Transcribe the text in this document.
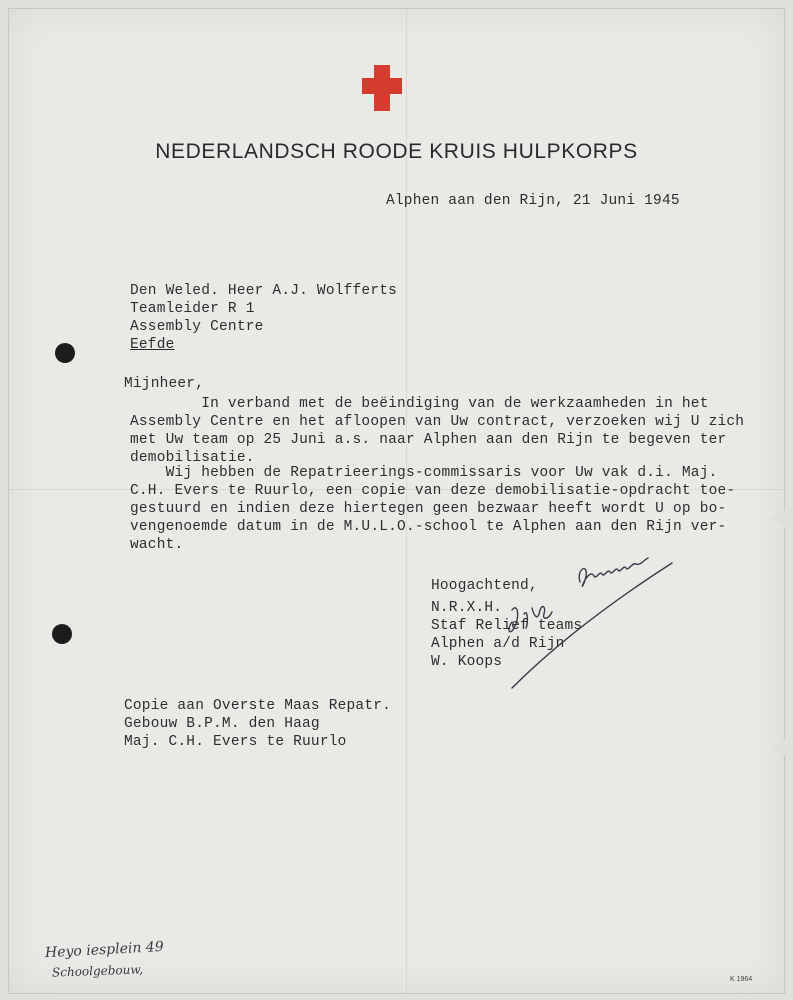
NEDERLANDSCH ROODE KRUIS HULPKORPS
Alphen aan den Rijn, 21 Juni 1945
Den Weled. Heer A.J. Wolfferts
Teamleider R 1
Assembly Centre
Eefde
Mijnheer,
In verband met de beëindiging van de werkzaamheden in het
Assembly Centre en het afloopen van Uw contract, verzoeken wij U zich
met Uw team op 25 Juni a.s. naar Alphen aan den Rijn te begeven ter
demobilisatie.
Wij hebben de Repatrieerings-commissaris voor Uw vak d.i. Maj.
C.H. Evers te Ruurlo, een copie van deze demobilisatie-opdracht toe-
gestuurd en indien deze hiertegen geen bezwaar heeft wordt U op bo-
vengenoemde datum in de M.U.L.O.-school te Alphen aan den Rijn ver-
wacht.
Hoogachtend,
N.R.X.H.
Staf Relief teams
Alphen a/d Rijn
W. Koops
Copie aan Overste Maas Repatr.
Gebouw B.P.M. den Haag
Maj. C.H. Evers te Ruurlo
Heyo iesplein 49
Schoolgebouw,	K 1964
